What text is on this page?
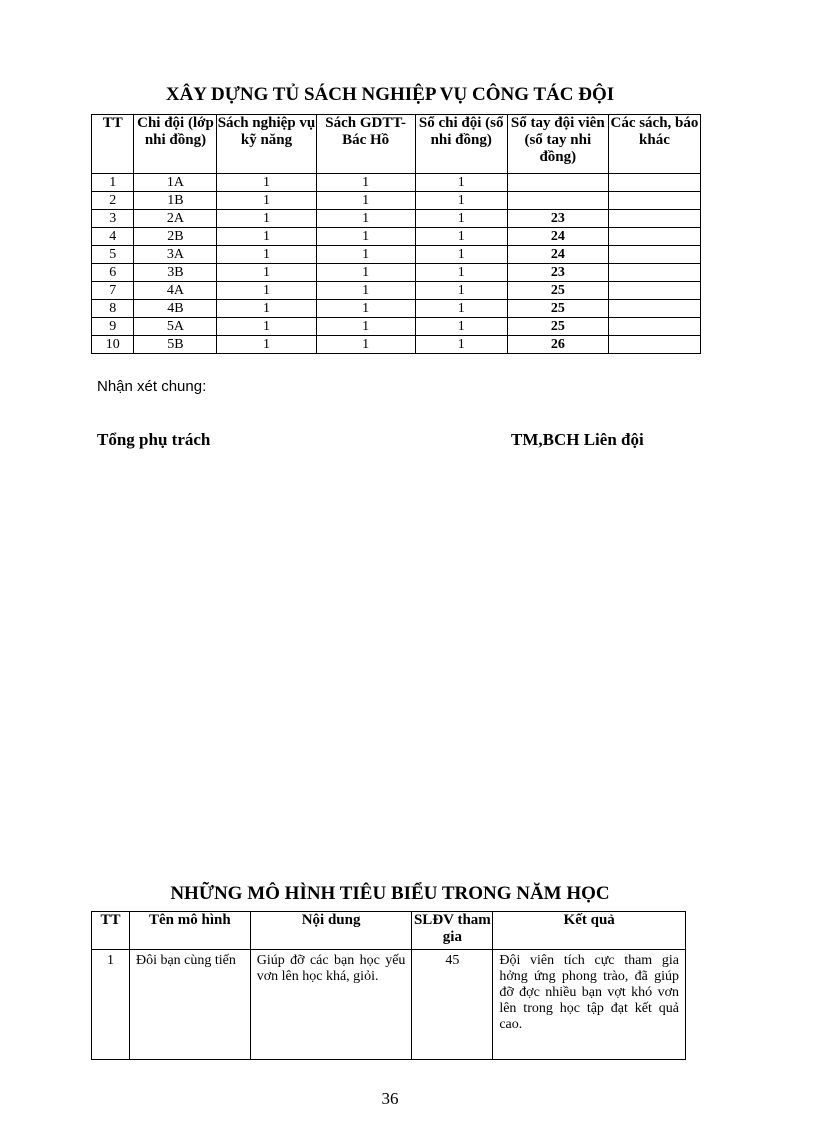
XÂY DỰNG TỦ SÁCH NGHIỆP VỤ CÔNG TÁC ĐỘI
TT	Chi đội (lớp nhi đồng)	Sách nghiệp vụ kỹ năng	Sách GDTT-Bác Hồ	Sổ chi đội (sổ nhi đồng)	Sổ tay đội viên (sổ tay nhi đồng)	Các sách, báo khác
1	1A	1	1	1		
2	1B	1	1	1		
3	2A	1	1	1	23	
4	2B	1	1	1	24	
5	3A	1	1	1	24	
6	3B	1	1	1	23	
7	4A	1	1	1	25	
8	4B	1	1	1	25	
9	5A	1	1	1	25	
10	5B	1	1	1	26	

Nhận xét chung:

Tổng phụ trách	TM,BCH Liên đội

NHỮNG MÔ HÌNH TIÊU BIỂU TRONG NĂM HỌC
TT	Tên mô hình	Nội dung	SLĐV tham gia	Kết quả
1	Đôi bạn cùng tiến	Giúp đỡ các bạn học yếu vơn lên học khá, giỏi.	45	Đội viên tích cực tham gia hởng ứng phong trào, đã giúp đỡ đợc nhiều bạn vợt khó vơn lên trong học tập đạt kết quả cao.

36
